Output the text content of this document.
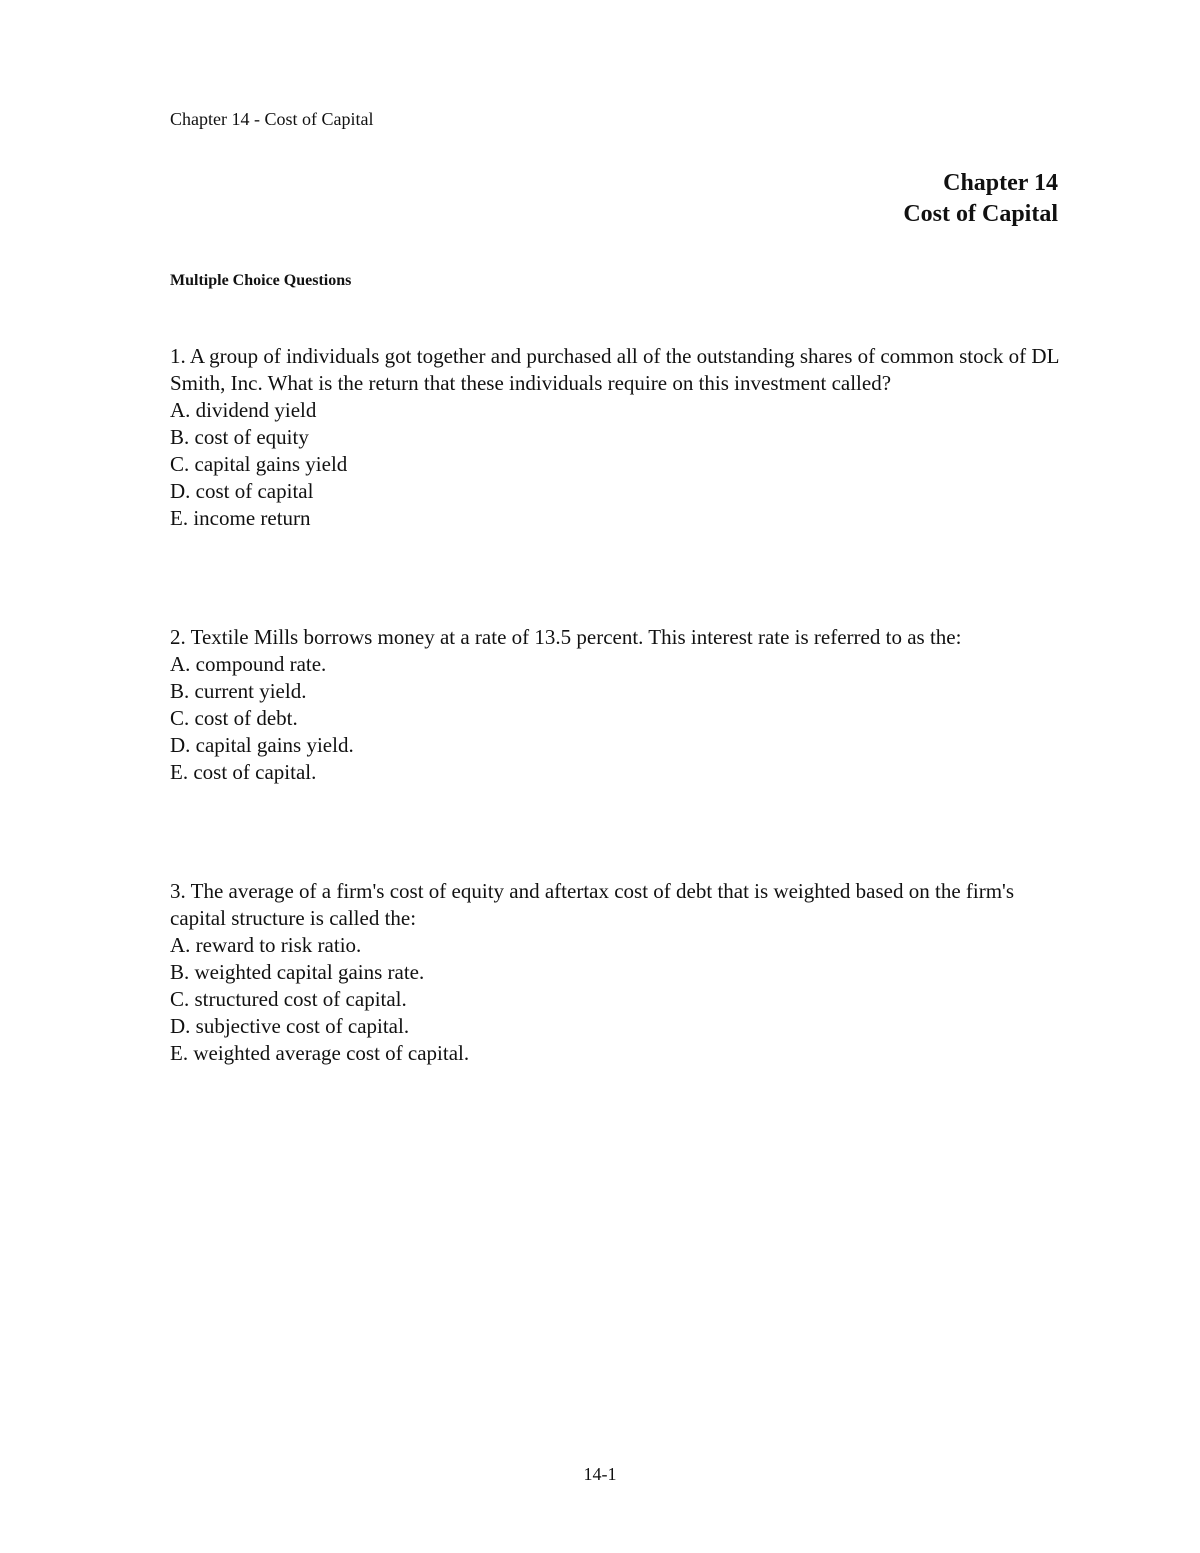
Chapter 14 - Cost of Capital
Chapter 14
Cost of Capital
Multiple Choice Questions

1. A group of individuals got together and purchased all of the outstanding shares of common stock of DL Smith, Inc. What is the return that these individuals require on this investment called?

A. dividend yield
B. cost of equity
C. capital gains yield
D. cost of capital
E. income return

2. Textile Mills borrows money at a rate of 13.5 percent. This interest rate is referred to as the:

A. compound rate.
B. current yield.
C. cost of debt.
D. capital gains yield.
E. cost of capital.

3. The average of a firm's cost of equity and aftertax cost of debt that is weighted based on the firm's capital structure is called the:

A. reward to risk ratio.
B. weighted capital gains rate.
C. structured cost of capital.
D. subjective cost of capital.
E. weighted average cost of capital.
14-1
